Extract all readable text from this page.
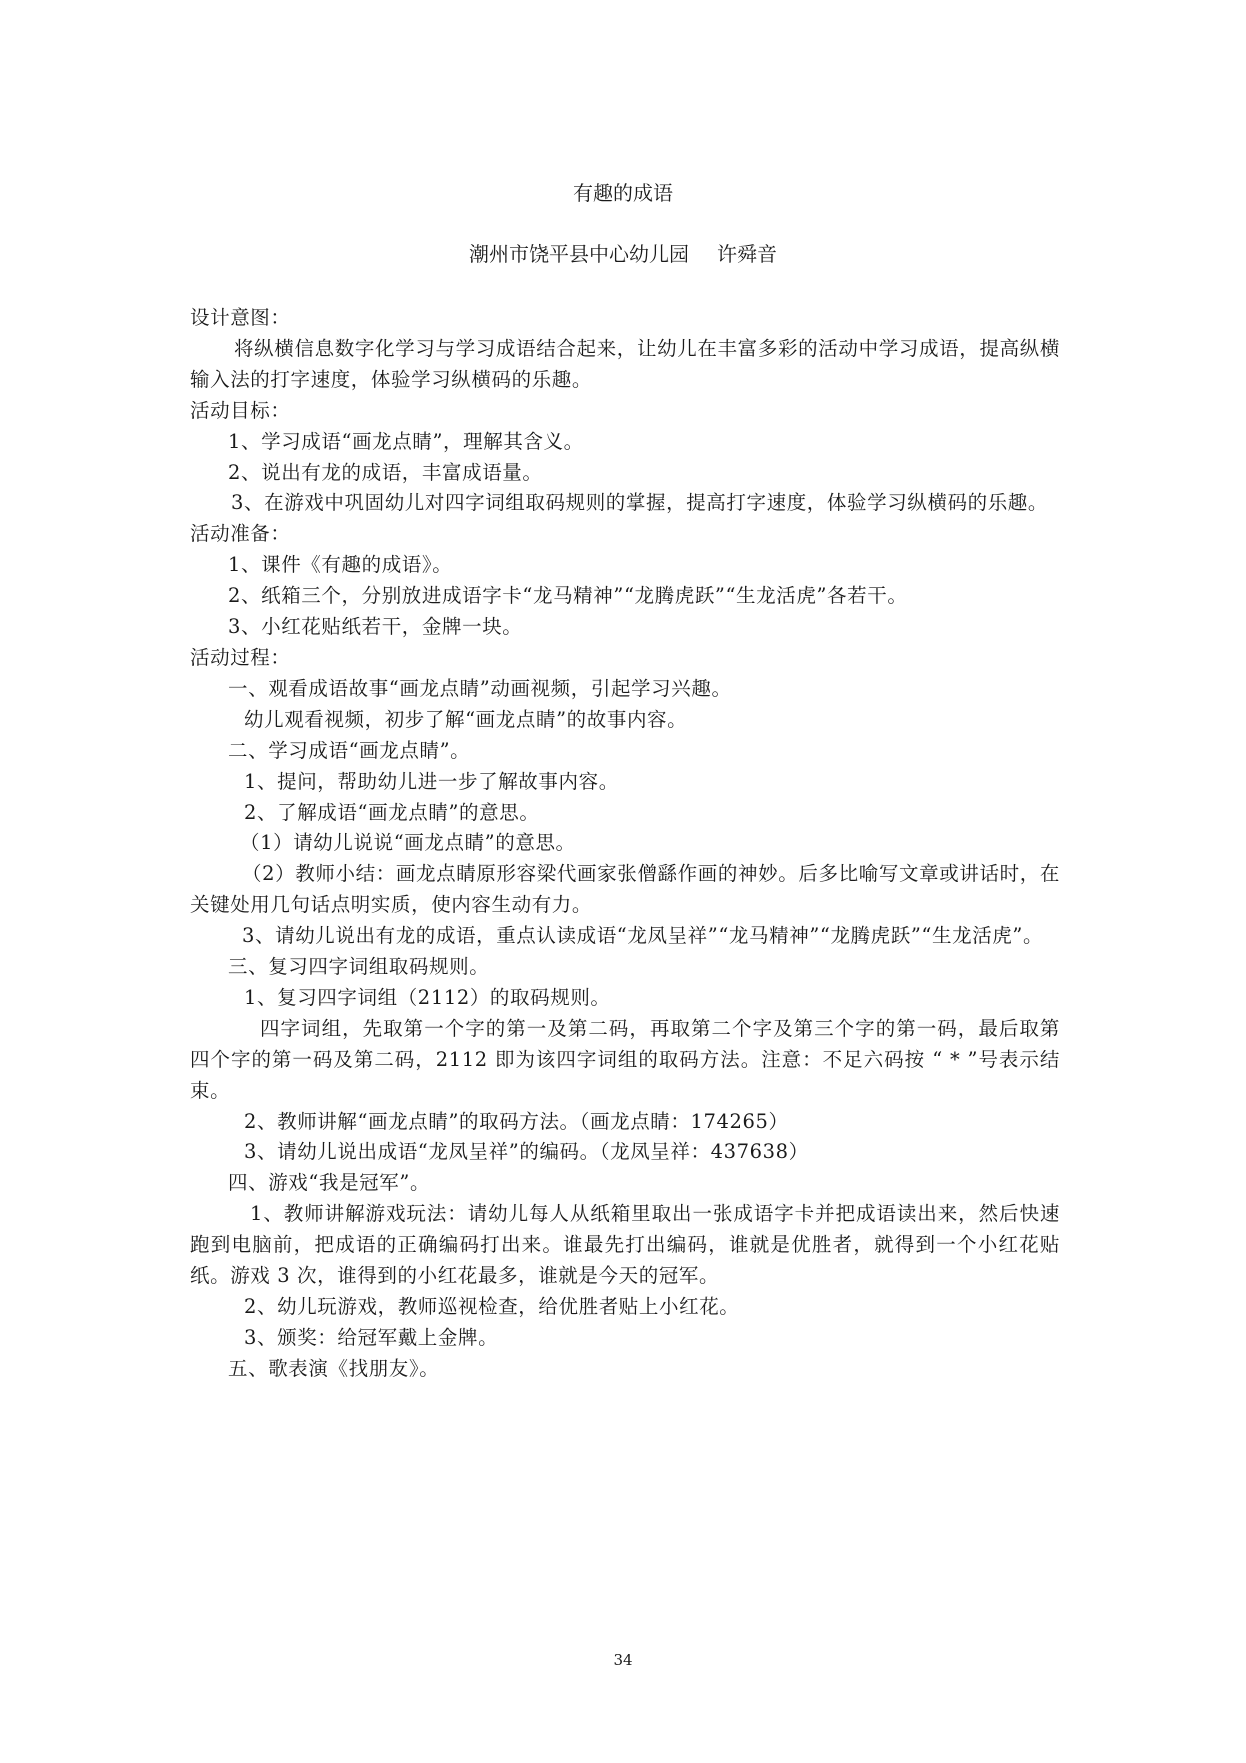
有趣的成语
潮州市饶平县中心幼儿园 许舜音

设计意图：

将纵横信息数字化学习与学习成语结合起来，让幼儿在丰富多彩的活动中学习成语，提高纵横输入法的打字速度，体验学习纵横码的乐趣。

活动目标：

1、学习成语“画龙点睛”，理解其含义。

2、说出有龙的成语，丰富成语量。

3、在游戏中巩固幼儿对四字词组取码规则的掌握，提高打字速度，体验学习纵横码的乐趣。

活动准备：

1、课件《有趣的成语》。

2、纸箱三个，分别放进成语字卡“龙马精神”“龙腾虎跃”“生龙活虎”各若干。

3、小红花贴纸若干，金牌一块。

活动过程：

一、观看成语故事“画龙点睛”动画视频，引起学习兴趣。

幼儿观看视频，初步了解“画龙点睛”的故事内容。

二、学习成语“画龙点睛”。

1、提问，帮助幼儿进一步了解故事内容。

2、了解成语“画龙点睛”的意思。

（1）请幼儿说说“画龙点睛”的意思。

（2）教师小结：画龙点睛原形容梁代画家张僧繇作画的神妙。后多比喻写文章或讲话时，在关键处用几句话点明实质，使内容生动有力。

3、请幼儿说出有龙的成语，重点认读成语“龙凤呈祥”“龙马精神”“龙腾虎跃”“生龙活虎”。

三、复习四字词组取码规则。

1、复习四字词组（2112）的取码规则。

四字词组，先取第一个字的第一及第二码，再取第二个字及第三个字的第一码，最后取第四个字的第一码及第二码，2112 即为该四字词组的取码方法。注意：不足六码按 “ * ”号表示结束。

2、教师讲解“画龙点睛”的取码方法。（画龙点睛：174265）

3、请幼儿说出成语“龙凤呈祥”的编码。（龙凤呈祥：437638）

四、游戏“我是冠军”。

1、教师讲解游戏玩法：请幼儿每人从纸箱里取出一张成语字卡并把成语读出来，然后快速跑到电脑前，把成语的正确编码打出来。谁最先打出编码，谁就是优胜者，就得到一个小红花贴纸。游戏 3 次，谁得到的小红花最多，谁就是今天的冠军。

2、幼儿玩游戏，教师巡视检查，给优胜者贴上小红花。

3、颁奖：给冠军戴上金牌。

五、歌表演《找朋友》。

34
